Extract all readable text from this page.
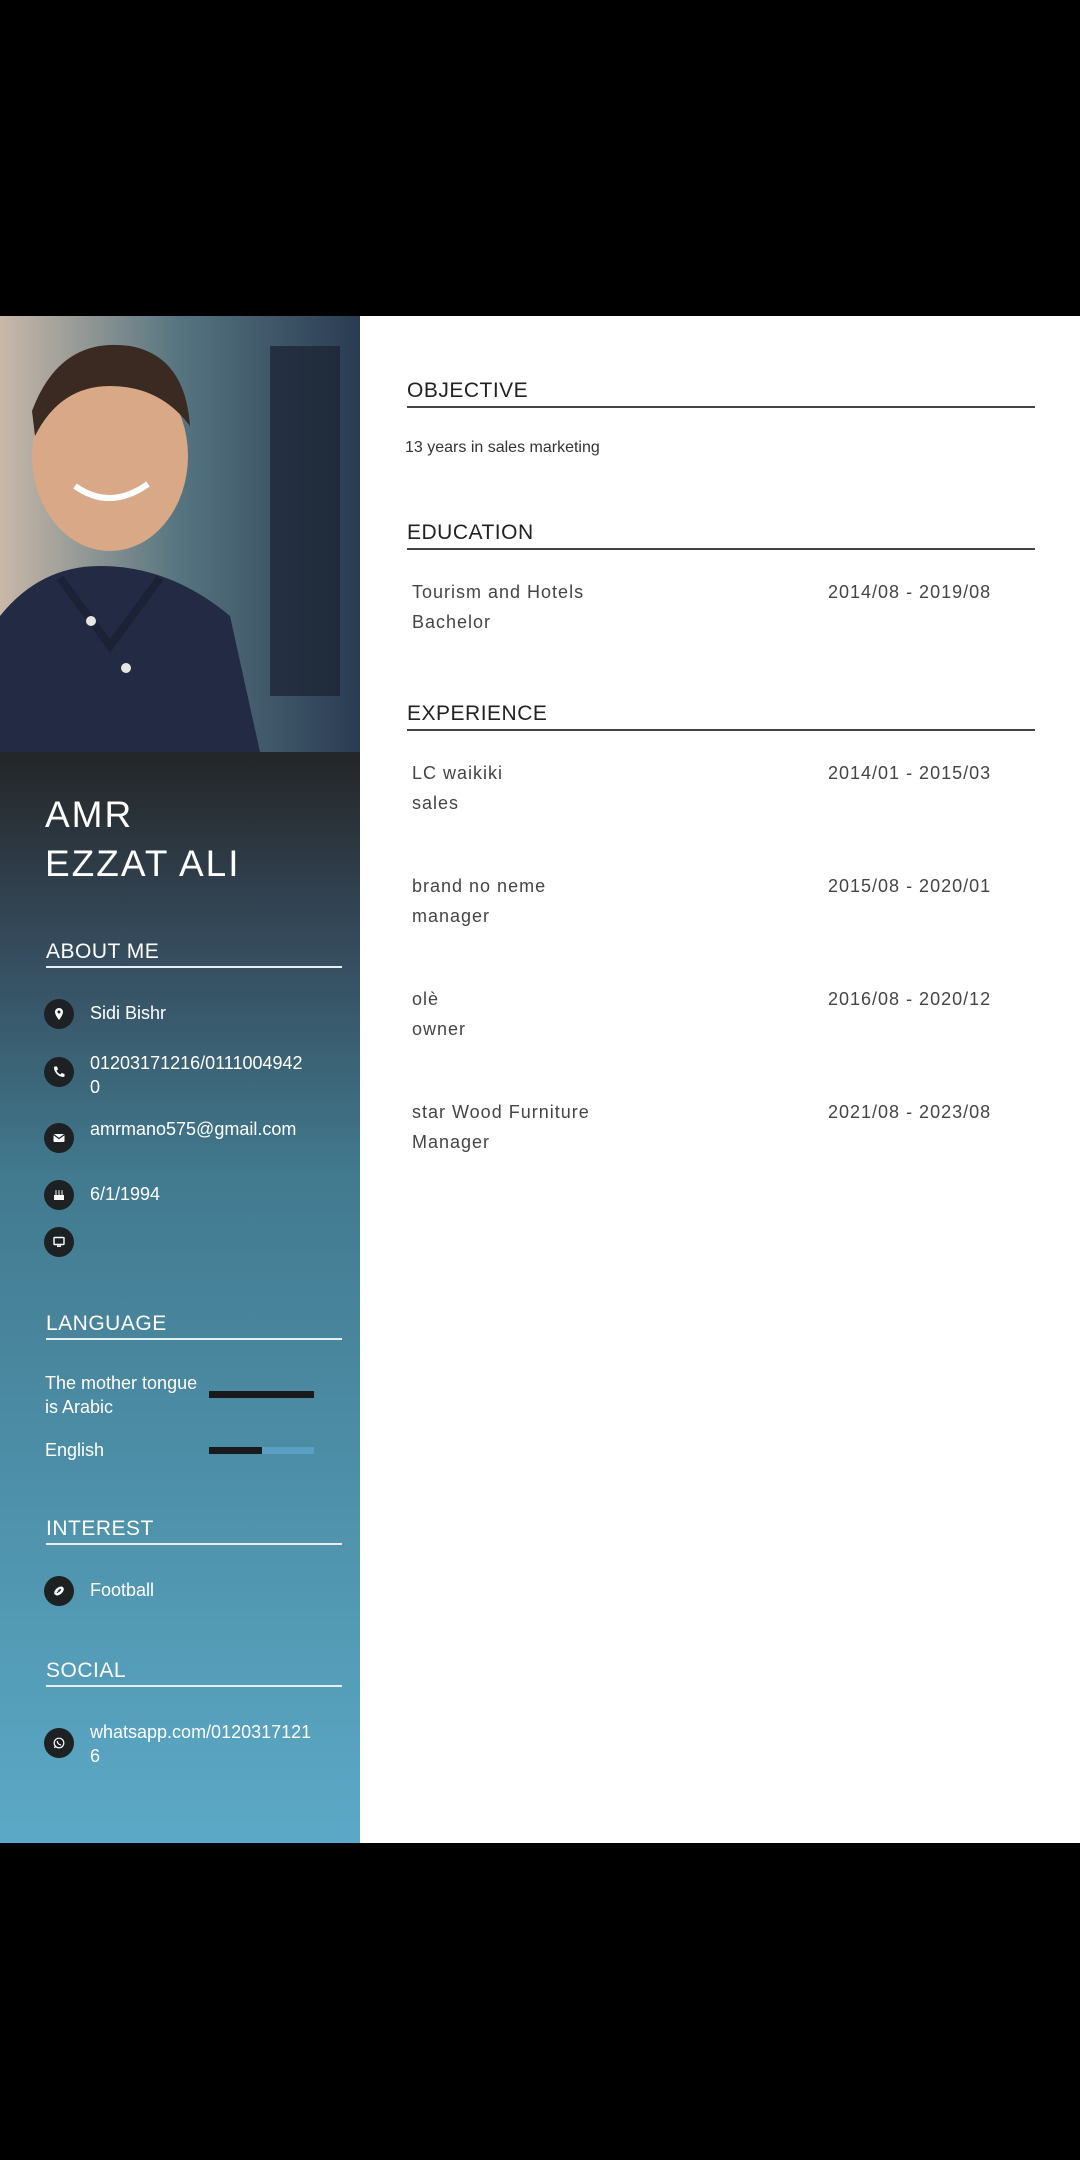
AMR
EZZAT ALI
ABOUT ME
Sidi Bishr
01203171216/01110049420
amrmano575@gmail.com
6/1/1994
LANGUAGE
The mother tongue is Arabic
English
INTEREST
Football
SOCIAL
whatsapp.com/01203171216
OBJECTIVE
13 years in sales marketing
EDUCATION
Tourism and Hotels
Bachelor
2014/08 - 2019/08
EXPERIENCE
LC waikiki
sales
2014/01 - 2015/03
brand no neme
manager
2015/08 - 2020/01
olè
owner
2016/08 - 2020/12
star Wood Furniture
Manager
2021/08 - 2023/08
